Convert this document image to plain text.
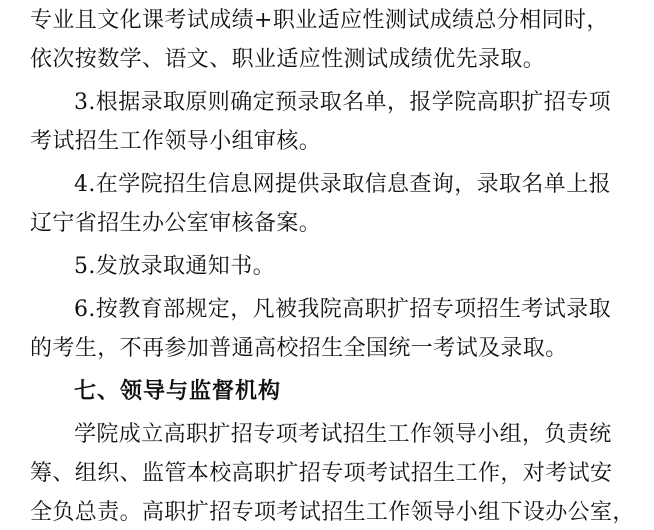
专业且文化课考试成绩+职业适应性测试成绩总分相同时，
依次按数学、语文、职业适应性测试成绩优先录取。
3.根据录取原则确定预录取名单，报学院高职扩招专项
考试招生工作领导小组审核。
4.在学院招生信息网提供录取信息查询，录取名单上报
辽宁省招生办公室审核备案。
5.发放录取通知书。
6.按教育部规定，凡被我院高职扩招专项招生考试录取
的考生，不再参加普通高校招生全国统一考试及录取。
七、领导与监督机构
学院成立高职扩招专项考试招生工作领导小组，负责统
筹、组织、监管本校高职扩招专项考试招生工作，对考试安
全负总责。高职扩招专项考试招生工作领导小组下设办公室，
